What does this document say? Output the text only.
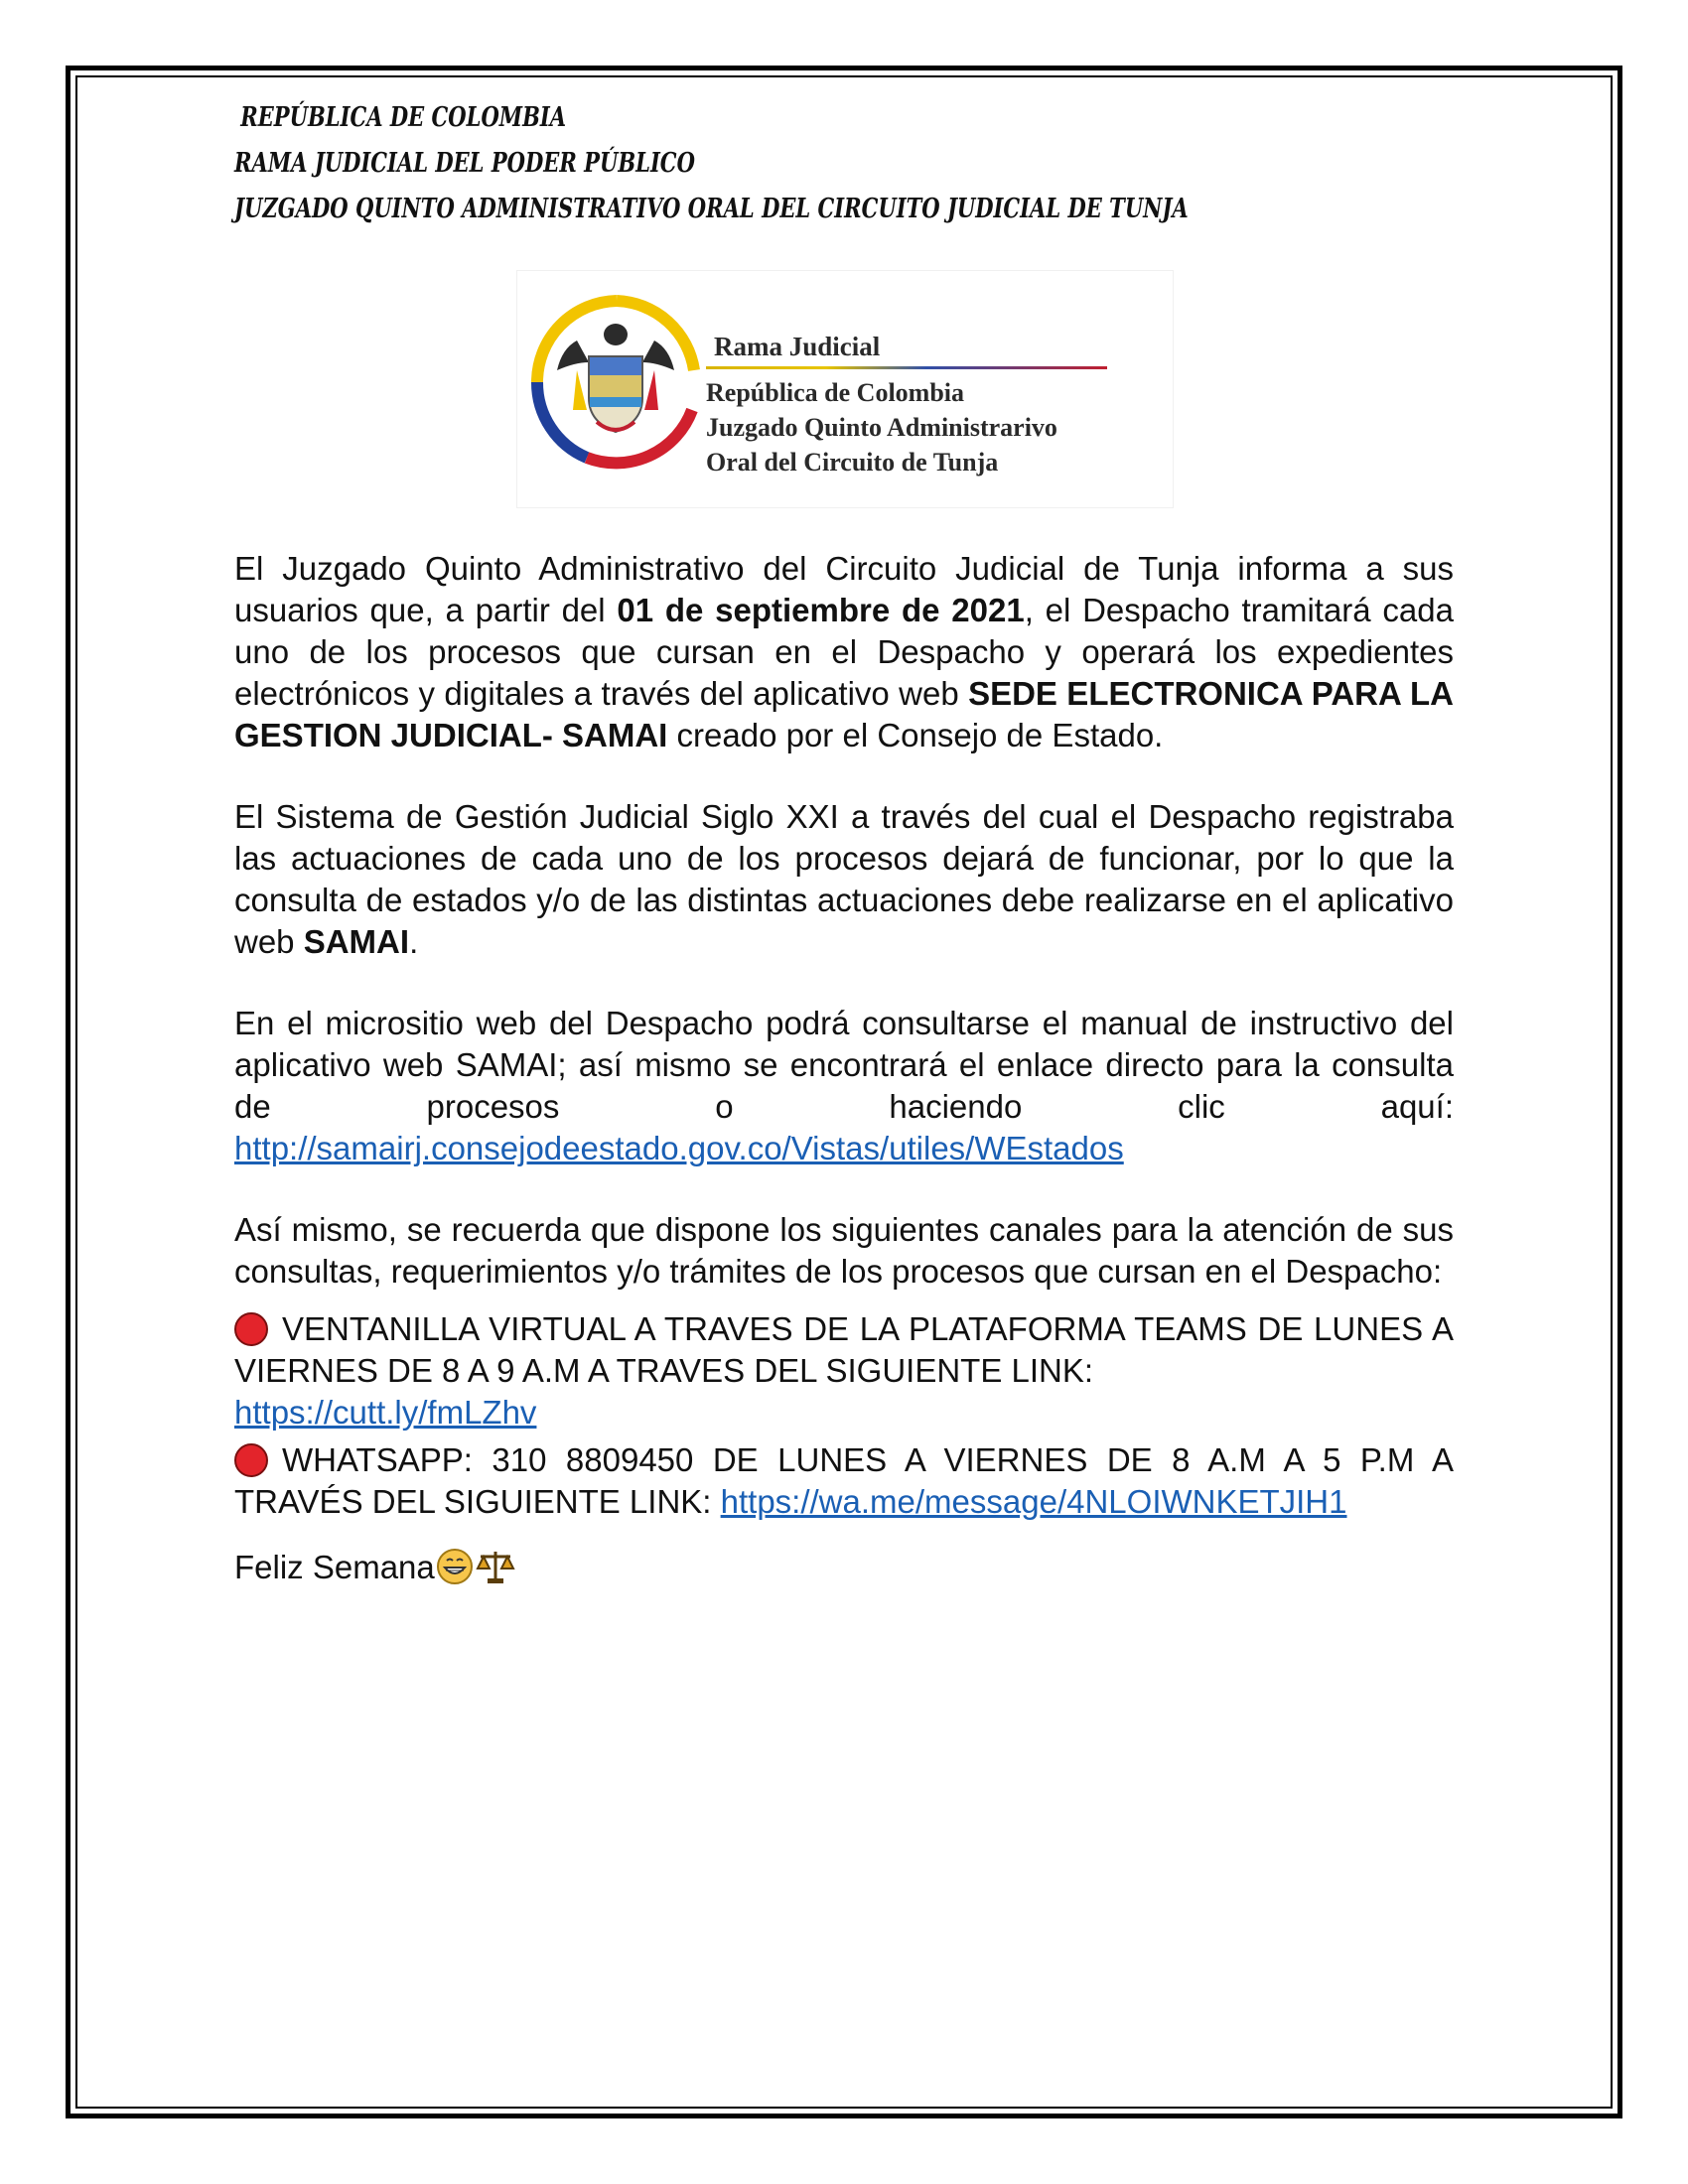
REPÚBLICA DE COLOMBIA
RAMA JUDICIAL DEL PODER PÚBLICO
JUZGADO QUINTO ADMINISTRATIVO ORAL DEL CIRCUITO JUDICIAL DE TUNJA
Rama Judicial
República de Colombia
Juzgado Quinto Administrarivo
Oral del Circuito de Tunja

El Juzgado Quinto Administrativo del Circuito Judicial de Tunja informa a sus usuarios que, a partir del 01 de septiembre de 2021, el Despacho tramitará cada uno de los procesos que cursan en el Despacho y operará los expedientes electrónicos y digitales a través del aplicativo web SEDE ELECTRONICA PARA LA GESTION JUDICIAL- SAMAI creado por el Consejo de Estado.

El Sistema de Gestión Judicial Siglo XXI a través del cual el Despacho registraba las actuaciones de cada uno de los procesos dejará de funcionar, por lo que la consulta de estados y/o de las distintas actuaciones debe realizarse en el aplicativo web SAMAI.

En el micrositio web del Despacho podrá consultarse el manual de instructivo del aplicativo web SAMAI; así mismo se encontrará el enlace directo para la consulta de procesos o haciendo clic aquí:
http://samairj.consejodeestado.gov.co/Vistas/utiles/WEstados

Así mismo, se recuerda que dispone los siguientes canales para la atención de sus consultas, requerimientos y/o trámites de los procesos que cursan en el Despacho:

VENTANILLA VIRTUAL A TRAVES DE LA PLATAFORMA TEAMS DE LUNES A VIERNES DE 8 A 9 A.M A TRAVES DEL SIGUIENTE LINK:
https://cutt.ly/fmLZhv

WHATSAPP: 310 8809450 DE LUNES A VIERNES DE 8 A.M A 5 P.M A TRAVÉS DEL SIGUIENTE LINK: https://wa.me/message/4NLOIWNKETJIH1

Feliz Semana
